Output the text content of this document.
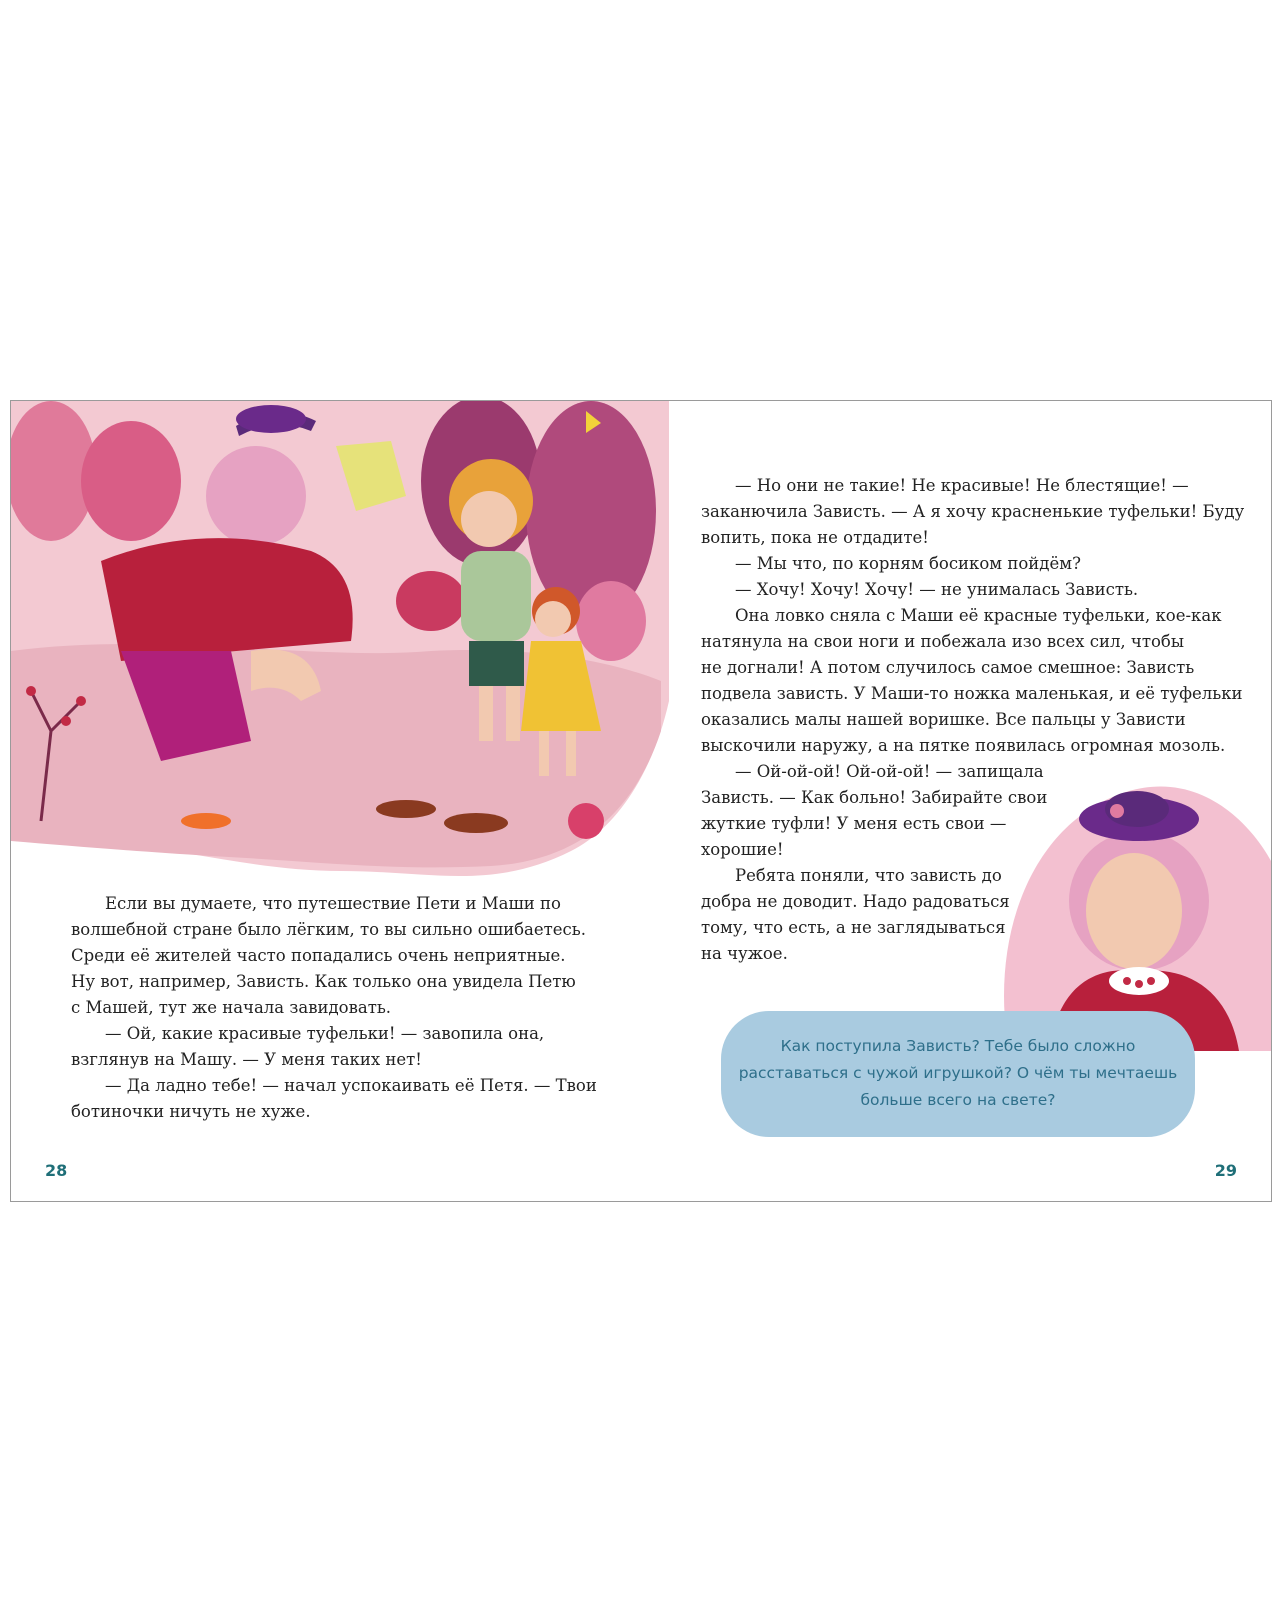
Если вы думаете, что путешествие Пети и Маши по
волшебной стране было лёгким, то вы сильно ошибаетесь.
Среди её жителей часто попадались очень неприятные.
Ну вот, например, Зависть. Как только она увидела Петю
с Машей, тут же начала завидовать.
— Ой, какие красивые туфельки! — завопила она,
взглянув на Машу. — У меня таких нет!
— Да ладно тебе! — начал успокаивать её Петя. — Твои
ботиночки ничуть не хуже.
— Но они не такие! Не красивые! Не блестящие! —
заканючила Зависть. — А я хочу красненькие туфельки! Буду
вопить, пока не отдадите!
— Мы что, по корням босиком пойдём?
— Хочу! Хочу! Хочу! — не унималась Зависть.
Она ловко сняла с Маши её красные туфельки, кое-как
натянула на свои ноги и побежала изо всех сил, чтобы
не догнали! А потом случилось самое смешное: Зависть
подвела зависть. У Маши-то ножка маленькая, и её туфельки
оказались малы нашей воришке. Все пальцы у Зависти
выскочили наружу, а на пятке появилась огромная мозоль.
— Ой-ой-ой! Ой-ой-ой! — запищала
Зависть. — Как больно! Забирайте свои
жуткие туфли! У меня есть свои —
хорошие!
Ребята поняли, что зависть до
добра не доводит. Надо радоваться
тому, что есть, а не заглядываться
на чужое.
Как поступила Зависть? Тебе было сложно
расставаться с чужой игрушкой? О чём ты мечтаешь
больше всего на свете?
28	29
